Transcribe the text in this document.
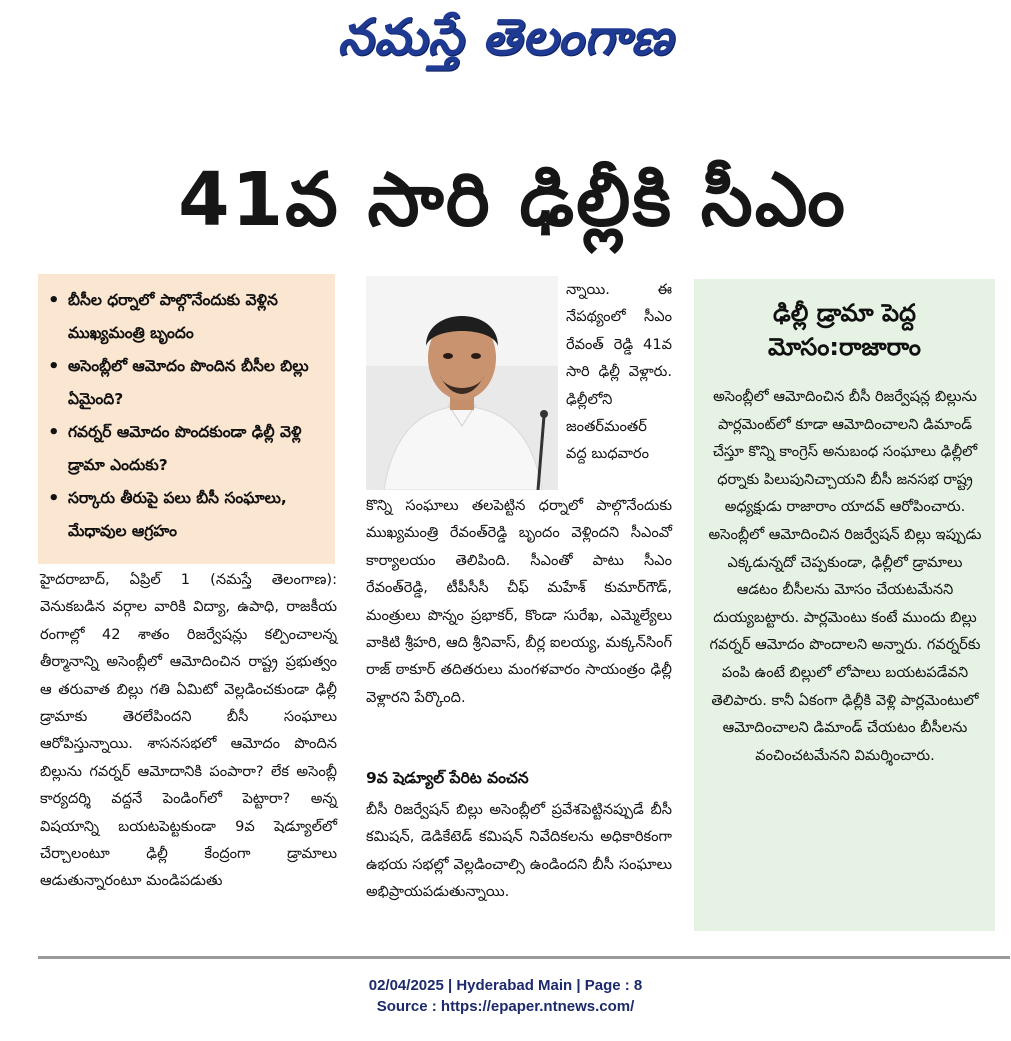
నమస్తే తెలంగాణ
41వ సారి ఢిల్లీకి సీఎం
• బీసీల ధర్నాలో పాల్గొనేందుకు వెళ్లిన ముఖ్యమంత్రి బృందం
• అసెంబ్లీలో ఆమోదం పొందిన బీసీల బిల్లు ఏమైంది?
• గవర్నర్ ఆమోదం పొందకుండా ఢిల్లీ వెళ్లి డ్రామా ఎందుకు?
• సర్కారు తీరుపై పలు బీసీ సంఘాలు, మేధావుల ఆగ్రహం
హైదరాబాద్, ఏప్రిల్ 1 (నమస్తే తెలంగాణ): వెనుకబడిన వర్గాల వారికి విద్యా, ఉపాధి, రాజకీయ రంగాల్లో 42 శాతం రిజర్వేషన్లు కల్పించాలన్న తీర్మానాన్ని అసెంబ్లీలో ఆమోదించిన రాష్ట్ర ప్రభుత్వం ఆ తరువాత బిల్లు గతి ఏమిటో వెల్లడించకుండా ఢిల్లీ డ్రామాకు తెరలేపిందని బీసీ సంఘాలు ఆరోపిస్తున్నాయి. శాసనసభలో ఆమోదం పొందిన బిల్లును గవర్నర్ ఆమోదానికి పంపారా? లేక అసెంబ్లీ కార్యదర్శి వద్దనే పెండింగ్‌లో పెట్టారా? అన్న విషయాన్ని బయటపెట్టకుండా 9వ షెడ్యూల్‌లో చేర్చాలంటూ ఢిల్లీ కేంద్రంగా డ్రామాలు ఆడుతున్నారంటూ మండిపడుతు
న్నాయి. ఈ నేపథ్యంలో సీఎం రేవంత్ రెడ్డి 41వ సారి ఢిల్లీ వెళ్లారు. ఢిల్లీలోని జంతర్‌మంతర్ వద్ద బుధవారం
కొన్ని సంఘాలు తలపెట్టిన ధర్నాలో పాల్గొనేందుకు ముఖ్యమంత్రి రేవంత్‌రెడ్డి బృందం వెళ్లిందని సీఎంవో కార్యాలయం తెలిపింది. సీఎంతో పాటు సీఎం రేవంత్‌రెడ్డి, టీపీసీసీ చీఫ్ మహేశ్ కుమార్‌గౌడ్, మంత్రులు పొన్నం ప్రభాకర్, కొండా సురేఖ, ఎమ్మెల్యేలు వాకిటి శ్రీహరి, ఆది శ్రీనివాస్, బీర్ల ఐలయ్య, మక్కన్‌సింగ్ రాజ్ ఠాకూర్ తదితరులు మంగళవారం సాయంత్రం ఢిల్లీ వెళ్లారని పేర్కొంది.
9వ షెడ్యూల్ పేరిట వంచన
బీసీ రిజర్వేషన్ బిల్లు అసెంబ్లీలో ప్రవేశపెట్టినప్పుడే బీసీ కమిషన్, డెడికేటెడ్ కమిషన్ నివేదికలను అధికారికంగా ఉభయ సభల్లో వెల్లడించాల్సి ఉండిందని బీసీ సంఘాలు అభిప్రాయపడుతున్నాయి.
ఢిల్లీ డ్రామా పెద్ద
మోసం:రాజారాం
అసెంబ్లీలో ఆమోదించిన బీసీ రిజర్వేషన్ల బిల్లును పార్లమెంట్‌లో కూడా ఆమోదించాలని డిమాండ్ చేస్తూ కొన్ని కాంగ్రెస్ అనుబంధ సంఘాలు ఢిల్లీలో ధర్నాకు పిలుపునిచ్చాయని బీసీ జనసభ రాష్ట్ర అధ్యక్షుడు రాజారాం యాదవ్ ఆరోపించారు. అసెంబ్లీలో ఆమోదించిన రిజర్వేషన్ బిల్లు ఇప్పుడు ఎక్కడున్నదో చెప్పకుండా, ఢిల్లీలో డ్రామాలు ఆడటం బీసీలను మోసం చేయటమేనని దుయ్యబట్టారు. పార్లమెంటు కంటే ముందు బిల్లు గవర్నర్ ఆమోదం పొందాలని అన్నారు. గవర్నర్‌కు పంపి ఉంటే బిల్లులో లోపాలు బయటపడేవని తెలిపారు. కానీ ఏకంగా ఢిల్లీకి వెళ్లి పార్లమెంటులో ఆమోదించాలని డిమాండ్ చేయటం బీసీలను వంచించటమేనని విమర్శించారు.
02/04/2025 | Hyderabad Main | Page : 8
Source : https://epaper.ntnews.com/
